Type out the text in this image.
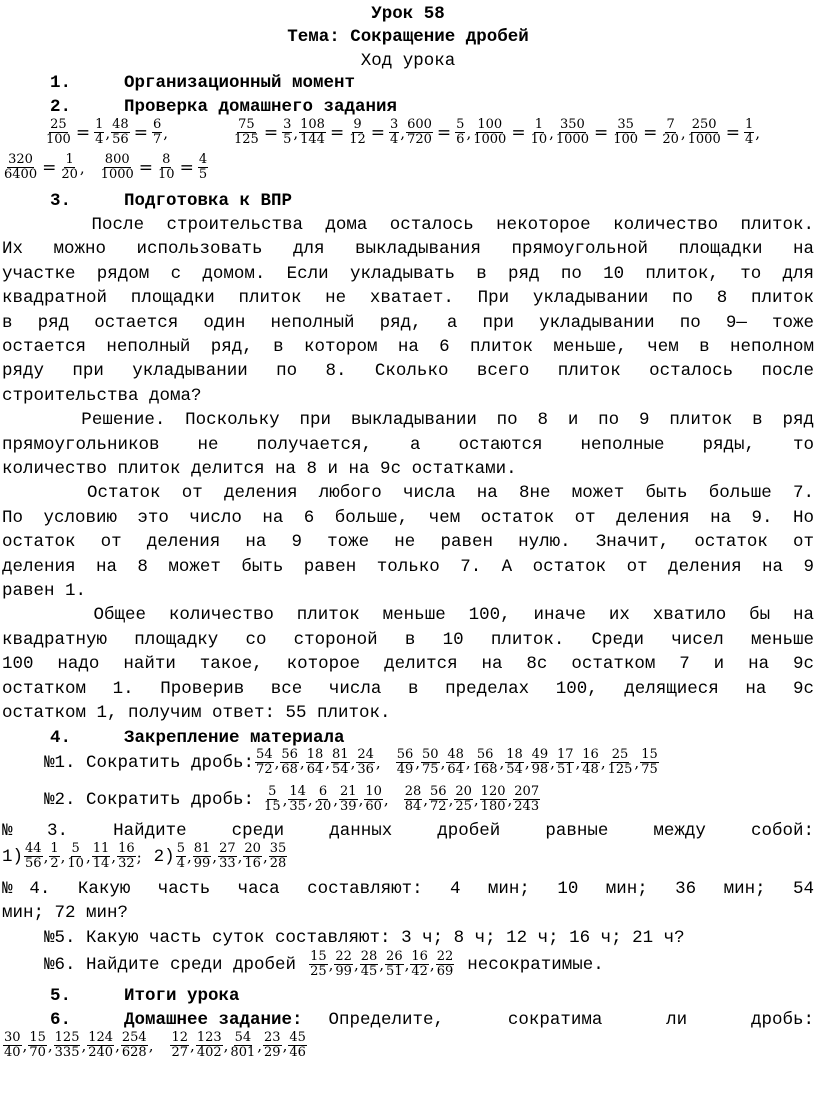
Урок 58
Тема: Сокращение дробей
Ход урока
1.	Организационный момент
2.	Проверка домашнего задания
$\frac{25}{100} = \frac{1}{4}$ , $\frac{48}{56} = \frac{6}{7}$ ,	$\frac{75}{125} = \frac{3}{5}$ , $\frac{108}{144} = \frac{9}{12} = \frac{3}{4}$ , $\frac{600}{720} = \frac{5}{6}$ , $\frac{100}{1000} = \frac{1}{10}$ , $\frac{350}{1000} = \frac{35}{100} = \frac{7}{20}$ , $\frac{250}{1000} = \frac{1}{4}$ ,
$\frac{320}{6400} = \frac{1}{20}$ , $\frac{800}{1000} = \frac{8}{10} = \frac{4}{5}$
3.	Подготовка к ВПР
После строительства дома осталось некоторое количество плиток.
Их можно использовать для выкладывания прямоугольной площадки на
участке рядом с домом. Если укладывать в ряд по 10 плиток, то для
квадратной площадки плиток не хватает. При укладывании по 8 плиток
в ряд остается один неполный ряд, а при укладывании по 9— тоже
остается неполный ряд, в котором на 6 плиток меньше, чем в неполном
ряду при укладывании по 8. Сколько всего плиток осталось после
строительства дома?
Решение. Поскольку при выкладывании по 8 и по 9 плиток в ряд
прямоугольников не получается, а остаются неполные ряды, то
количество плиток делится на 8 и на 9с остатками.
Остаток от деления любого числа на 8не может быть больше 7.
По условию это число на 6 больше, чем остаток от деления на 9. Но
остаток от деления на 9 тоже не равен нулю. Значит, остаток от
деления на 8 может быть равен только 7. А остаток от деления на 9
равен 1.
Общее количество плиток меньше 100, иначе их хватило бы на
квадратную площадку со стороной в 10 плиток. Среди чисел меньше
100 надо найти такое, которое делится на 8с остатком 7 и на 9с
остатком 1. Проверив все числа в пределах 100, делящиеся на 9с
остатком 1, получим ответ: 55 плиток.
4.	Закрепление материала
№1. Сократить дробь: $\frac{54}{72}$ , $\frac{56}{68}$ , $\frac{18}{64}$ , $\frac{81}{54}$ , $\frac{24}{36}$ , $\frac{56}{49}$ , $\frac{50}{75}$ , $\frac{48}{64}$ , $\frac{56}{168}$ , $\frac{18}{54}$ , $\frac{49}{98}$ , $\frac{17}{51}$ , $\frac{16}{48}$ , $\frac{25}{125}$ , $\frac{15}{75}$
№2. Сократить дробь: $\frac{5}{15}$ , $\frac{14}{35}$ , $\frac{6}{20}$ , $\frac{21}{39}$ , $\frac{10}{60}$ , $\frac{28}{84}$ , $\frac{56}{72}$ , $\frac{20}{25}$ , $\frac{120}{180}$ , $\frac{207}{243}$
№3. Найдите среди данных дробей равные между собой:
$1) \frac{44}{56}$ , $\frac{1}{2}$ , $\frac{5}{10}$ , $\frac{11}{14}$ , $\frac{16}{32}$ ; $2) \frac{5}{4}$ , $\frac{81}{99}$ , $\frac{27}{33}$ , $\frac{20}{16}$ , $\frac{35}{28}$
№4. Какую часть часа составляют: 4 мин; 10 мин; 36 мин; 54
мин; 72 мин?
№5. Какую часть суток составляют: 3 ч; 8 ч; 12 ч; 16 ч; 21 ч?
№6. Найдите среди дробей $\frac{15}{25}$ , $\frac{22}{99}$ , $\frac{28}{45}$ , $\frac{26}{51}$ , $\frac{16}{42}$ , $\frac{22}{69}$ несократимые.
5.	Итоги урока
6.	Домашнее задание: Определите, сократима ли дробь:
$\frac{30}{40}$ , $\frac{15}{70}$ , $\frac{125}{335}$ , $\frac{124}{240}$ , $\frac{254}{628}$ , $\frac{12}{27}$ , $\frac{123}{402}$ , $\frac{54}{801}$ , $\frac{23}{29}$ , $\frac{45}{46}$
